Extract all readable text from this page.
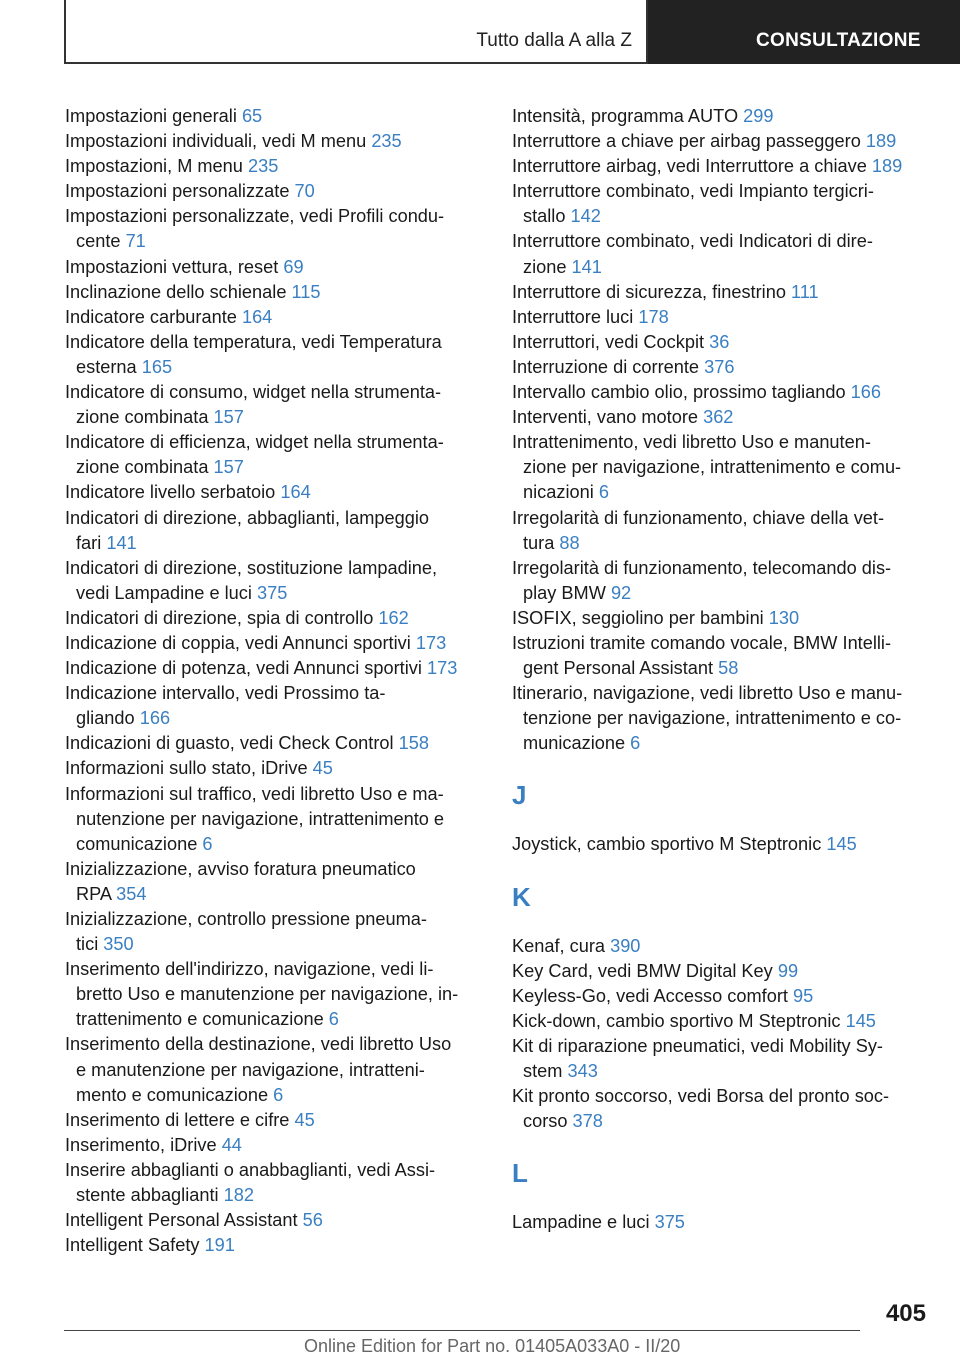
Tutto dalla A alla Z	CONSULTAZIONE

Impostazioni generali 65

Impostazioni individuali, vedi M menu 235

Impostazioni, M menu 235

Impostazioni personalizzate 70

Impostazioni personalizzate, vedi Profili condu-
cente 71

Impostazioni vettura, reset 69

Inclinazione dello schienale 115

Indicatore carburante 164

Indicatore della temperatura, vedi Temperatura
esterna 165

Indicatore di consumo, widget nella strumenta-
zione combinata 157

Indicatore di efficienza, widget nella strumenta-
zione combinata 157

Indicatore livello serbatoio 164

Indicatori di direzione, abbaglianti, lampeggio
fari 141

Indicatori di direzione, sostituzione lampadine,
vedi Lampadine e luci 375

Indicatori di direzione, spia di controllo 162

Indicazione di coppia, vedi Annunci sportivi 173

Indicazione di potenza, vedi Annunci sportivi 173

Indicazione intervallo, vedi Prossimo ta-
gliando 166

Indicazioni di guasto, vedi Check Control 158

Informazioni sullo stato, iDrive 45

Informazioni sul traffico, vedi libretto Uso e ma-
nutenzione per navigazione, intrattenimento e
comunicazione 6

Inizializzazione, avviso foratura pneumatico
RPA 354

Inizializzazione, controllo pressione pneuma-
tici 350

Inserimento dell'indirizzo, navigazione, vedi li-
bretto Uso e manutenzione per navigazione, in-
trattenimento e comunicazione 6

Inserimento della destinazione, vedi libretto Uso
e manutenzione per navigazione, intratteni-
mento e comunicazione 6

Inserimento di lettere e cifre 45

Inserimento, iDrive 44

Inserire abbaglianti o anabbaglianti, vedi Assi-
stente abbaglianti 182

Intelligent Personal Assistant 56

Intelligent Safety 191

Intensità, programma AUTO 299

Interruttore a chiave per airbag passeggero 189

Interruttore airbag, vedi Interruttore a chiave 189

Interruttore combinato, vedi Impianto tergicri-
stallo 142

Interruttore combinato, vedi Indicatori di dire-
zione 141

Interruttore di sicurezza, finestrino 111

Interruttore luci 178

Interruttori, vedi Cockpit 36

Interruzione di corrente 376

Intervallo cambio olio, prossimo tagliando 166

Interventi, vano motore 362

Intrattenimento, vedi libretto Uso e manuten-
zione per navigazione, intrattenimento e comu-
nicazioni 6

Irregolarità di funzionamento, chiave della vet-
tura 88

Irregolarità di funzionamento, telecomando dis-
play BMW 92

ISOFIX, seggiolino per bambini 130

Istruzioni tramite comando vocale, BMW Intelli-
gent Personal Assistant 58

Itinerario, navigazione, vedi libretto Uso e manu-
tenzione per navigazione, intrattenimento e co-
municazione 6

J

Joystick, cambio sportivo M Steptronic 145

K

Kenaf, cura 390

Key Card, vedi BMW Digital Key 99

Keyless-Go, vedi Accesso comfort 95

Kick-down, cambio sportivo M Steptronic 145

Kit di riparazione pneumatici, vedi Mobility Sy-
stem 343

Kit pronto soccorso, vedi Borsa del pronto soc-
corso 378

L

Lampadine e luci 375

405
Online Edition for Part no. 01405A033A0 - II/20
